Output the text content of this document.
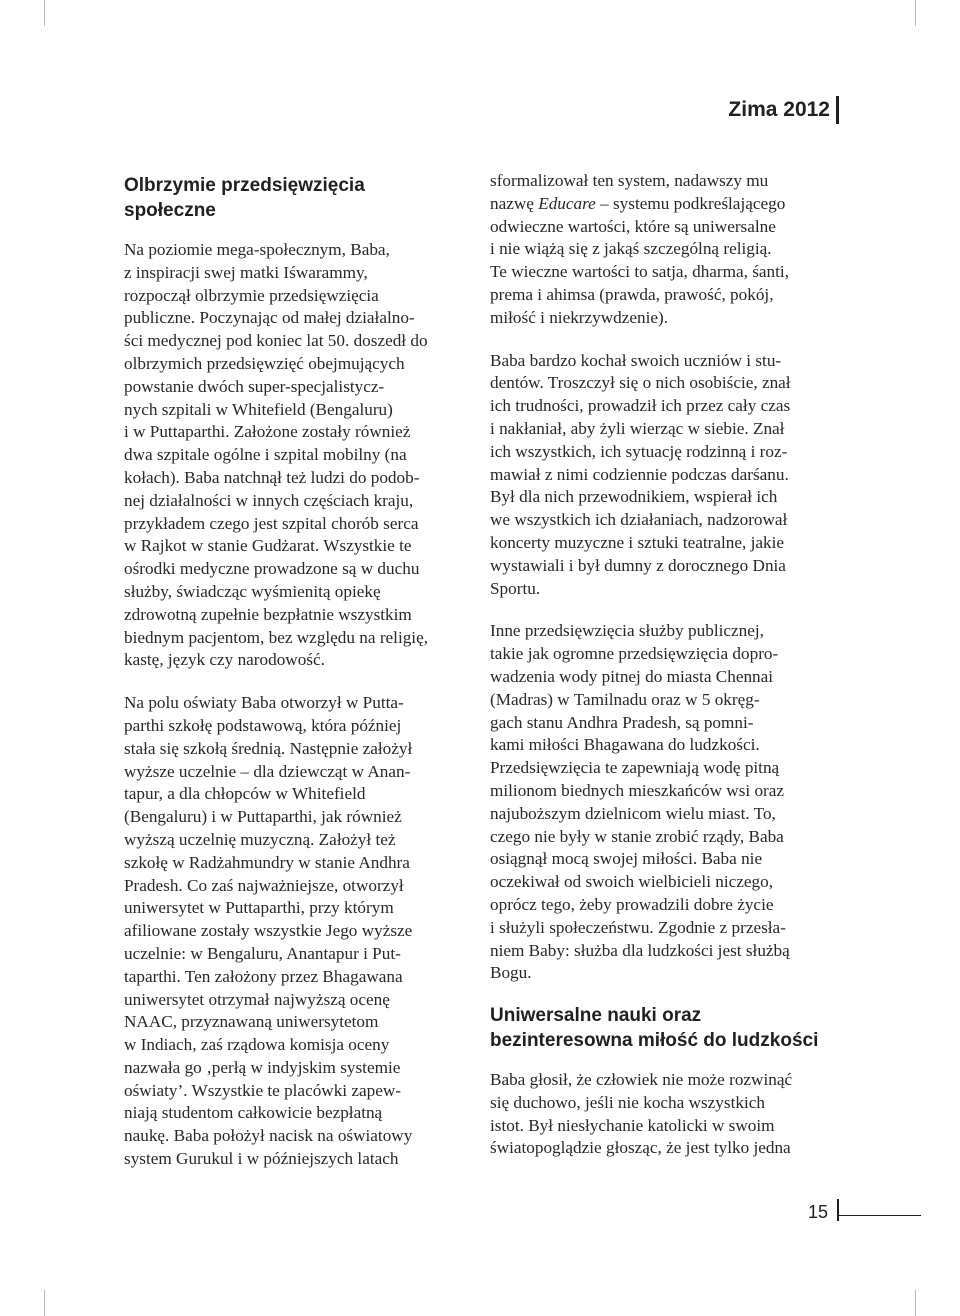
Zima 2012
Olbrzymie przedsięwzięcia
społeczne

Na poziomie mega-społecznym, Baba,
z inspiracji swej matki Iśwarammy,
rozpoczął olbrzymie przedsięwzięcia
publiczne. Poczynając od małej działalno-
ści medycznej pod koniec lat 50. doszedł do
olbrzymich przedsięwzięć obejmujących
powstanie dwóch super-specjalistycz-
nych szpitali w Whitefield (Bengaluru)
i w Puttaparthi. Założone zostały również
dwa szpitale ogólne i szpital mobilny (na
kołach). Baba natchnął też ludzi do podob-
nej działalności w innych częściach kraju,
przykładem czego jest szpital chorób serca
w Rajkot w stanie Gudżarat. Wszystkie te
ośrodki medyczne prowadzone są w duchu
służby, świadcząc wyśmienitą opiekę
zdrowotną zupełnie bezpłatnie wszystkim
biednym pacjentom, bez względu na religię,
kastę, język czy narodowość.

Na polu oświaty Baba otworzył w Putta-
parthi szkołę podstawową, która później
stała się szkołą średnią. Następnie założył
wyższe uczelnie – dla dziewcząt w Anan-
tapur, a dla chłopców w Whitefield
(Bengaluru) i w Puttaparthi, jak również
wyższą uczelnię muzyczną. Założył też
szkołę w Radżahmundry w stanie Andhra
Pradesh. Co zaś najważniejsze, otworzył
uniwersytet w Puttaparthi, przy którym
afiliowane zostały wszystkie Jego wyższe
uczelnie: w Bengaluru, Anantapur i Put-
taparthi. Ten założony przez Bhagawana
uniwersytet otrzymał najwyższą ocenę
NAAC, przyznawaną uniwersytetom
w Indiach, zaś rządowa komisja oceny
nazwała go ‚perłą w indyjskim systemie
oświaty’. Wszystkie te placówki zapew-
niają studentom całkowicie bezpłatną
naukę. Baba położył nacisk na oświatowy
system Gurukul i w późniejszych latach

sformalizował ten system, nadawszy mu
nazwę Educare – systemu podkreślającego
odwieczne wartości, które są uniwersalne
i nie wiążą się z jakąś szczególną religią.
Te wieczne wartości to satja, dharma, śanti,
prema i ahimsa (prawda, prawość, pokój,
miłość i niekrzywdzenie).

Baba bardzo kochał swoich uczniów i stu-
dentów. Troszczył się o nich osobiście, znał
ich trudności, prowadził ich przez cały czas
i nakłaniał, aby żyli wierząc w siebie. Znał
ich wszystkich, ich sytuację rodzinną i roz-
mawiał z nimi codziennie podczas darśanu.
Był dla nich przewodnikiem, wspierał ich
we wszystkich ich działaniach, nadzorował
koncerty muzyczne i sztuki teatralne, jakie
wystawiali i był dumny z dorocznego Dnia
Sportu.

Inne przedsięwzięcia służby publicznej,
takie jak ogromne przedsięwzięcia dopro-
wadzenia wody pitnej do miasta Chennai
(Madras) w Tamilnadu oraz w 5 okręg-
gach stanu Andhra Pradesh, są pomni-
kami miłości Bhagawana do ludzkości.
Przedsięwzięcia te zapewniają wodę pitną
milionom biednych mieszkańców wsi oraz
najuboższym dzielnicom wielu miast. To,
czego nie były w stanie zrobić rządy, Baba
osiągnął mocą swojej miłości. Baba nie
oczekiwał od swoich wielbicieli niczego,
oprócz tego, żeby prowadzili dobre życie
i służyli społeczeństwu. Zgodnie z przesła-
niem Baby: służba dla ludzkości jest służbą
Bogu.

Uniwersalne nauki oraz
bezinteresowna miłość do ludzkości

Baba głosił, że człowiek nie może rozwinąć
się duchowo, jeśli nie kocha wszystkich
istot. Był niesłychanie katolicki w swoim
światopoglądzie głosząc, że jest tylko jedna

15
